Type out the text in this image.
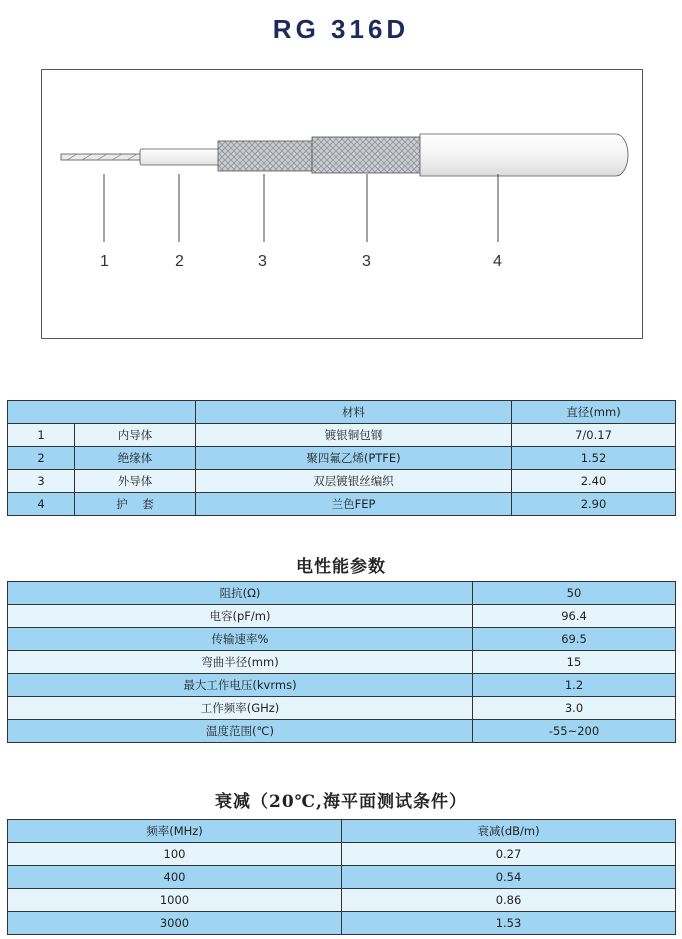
RG 316D
1	2	3	3	4
		材料	直径(mm)
1	内导体	镀银铜包钢	7/0.17
2	绝缘体	聚四氟乙烯(PTFE)	1.52
3	外导体	双层镀银丝编织	2.40
4	护    套	兰色FEP	2.90
电性能参数
阻抗(Ω)	50
电容(pF/m)	96.4
传输速率%	69.5
弯曲半径(mm)	15
最大工作电压(kvrms)	1.2
工作频率(GHz)	3.0
温度范围(℃)	-55~200
衰减（20℃,海平面测试条件）
频率(MHz)	衰减(dB/m)
100	0.27
400	0.54
1000	0.86
3000	1.53
